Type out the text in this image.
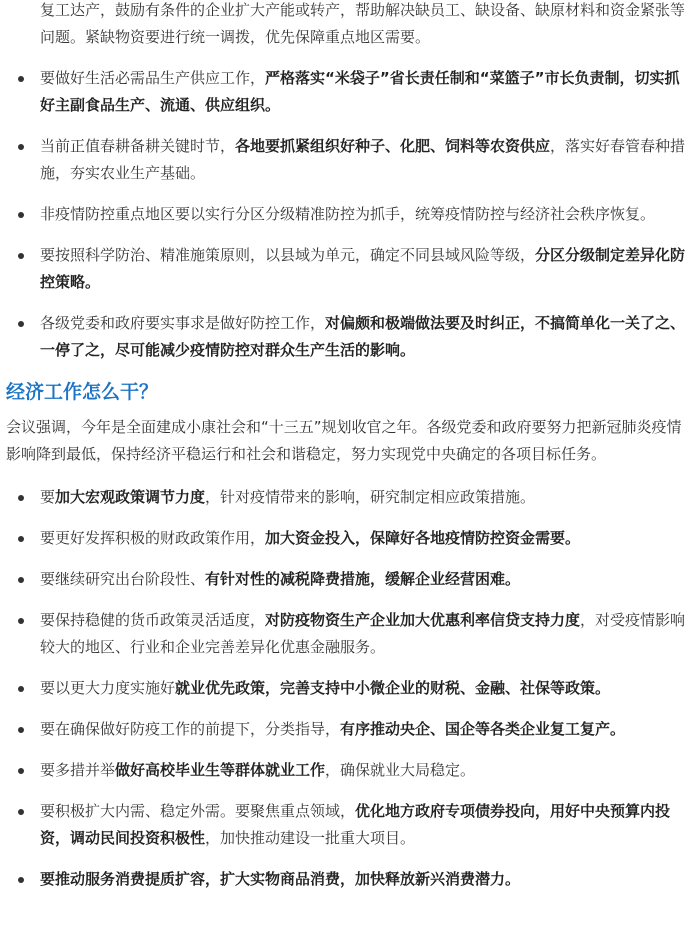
复工达产，鼓励有条件的企业扩大产能或转产，帮助解决缺员工、缺设备、缺原材料和资金紧张等问题。紧缺物资要进行统一调拨，优先保障重点地区需要。
要做好生活必需品生产供应工作，严格落实“米袋子”省长责任制和“菜篮子”市长负责制，切实抓好主副食品生产、流通、供应组织。
当前正值春耕备耕关键时节，各地要抓紧组织好种子、化肥、饲料等农资供应，落实好春管春种措施，夯实农业生产基础。
非疫情防控重点地区要以实行分区分级精准防控为抓手，统筹疫情防控与经济社会秩序恢复。
要按照科学防治、精准施策原则，以县域为单元，确定不同县域风险等级，分区分级制定差异化防控策略。
各级党委和政府要实事求是做好防控工作，对偏颇和极端做法要及时纠正，不搞简单化一关了之、一停了之，尽可能减少疫情防控对群众生产生活的影响。
经济工作怎么干？
会议强调，今年是全面建成小康社会和“十三五”规划收官之年。各级党委和政府要努力把新冠肺炎疫情影响降到最低，保持经济平稳运行和社会和谐稳定，努力实现党中央确定的各项目标任务。
要加大宏观政策调节力度，针对疫情带来的影响，研究制定相应政策措施。
要更好发挥积极的财政政策作用，加大资金投入，保障好各地疫情防控资金需要。
要继续研究出台阶段性、有针对性的减税降费措施，缓解企业经营困难。
要保持稳健的货币政策灵活适度，对防疫物资生产企业加大优惠利率信贷支持力度，对受疫情影响较大的地区、行业和企业完善差异化优惠金融服务。
要以更大力度实施好就业优先政策，完善支持中小微企业的财税、金融、社保等政策。
要在确保做好防疫工作的前提下，分类指导，有序推动央企、国企等各类企业复工复产。
要多措并举做好高校毕业生等群体就业工作，确保就业大局稳定。
要积极扩大内需、稳定外需。要聚焦重点领域，优化地方政府专项债券投向，用好中央预算内投资，调动民间投资积极性，加快推动建设一批重大项目。
要推动服务消费提质扩容，扩大实物商品消费，加快释放新兴消费潜力。
